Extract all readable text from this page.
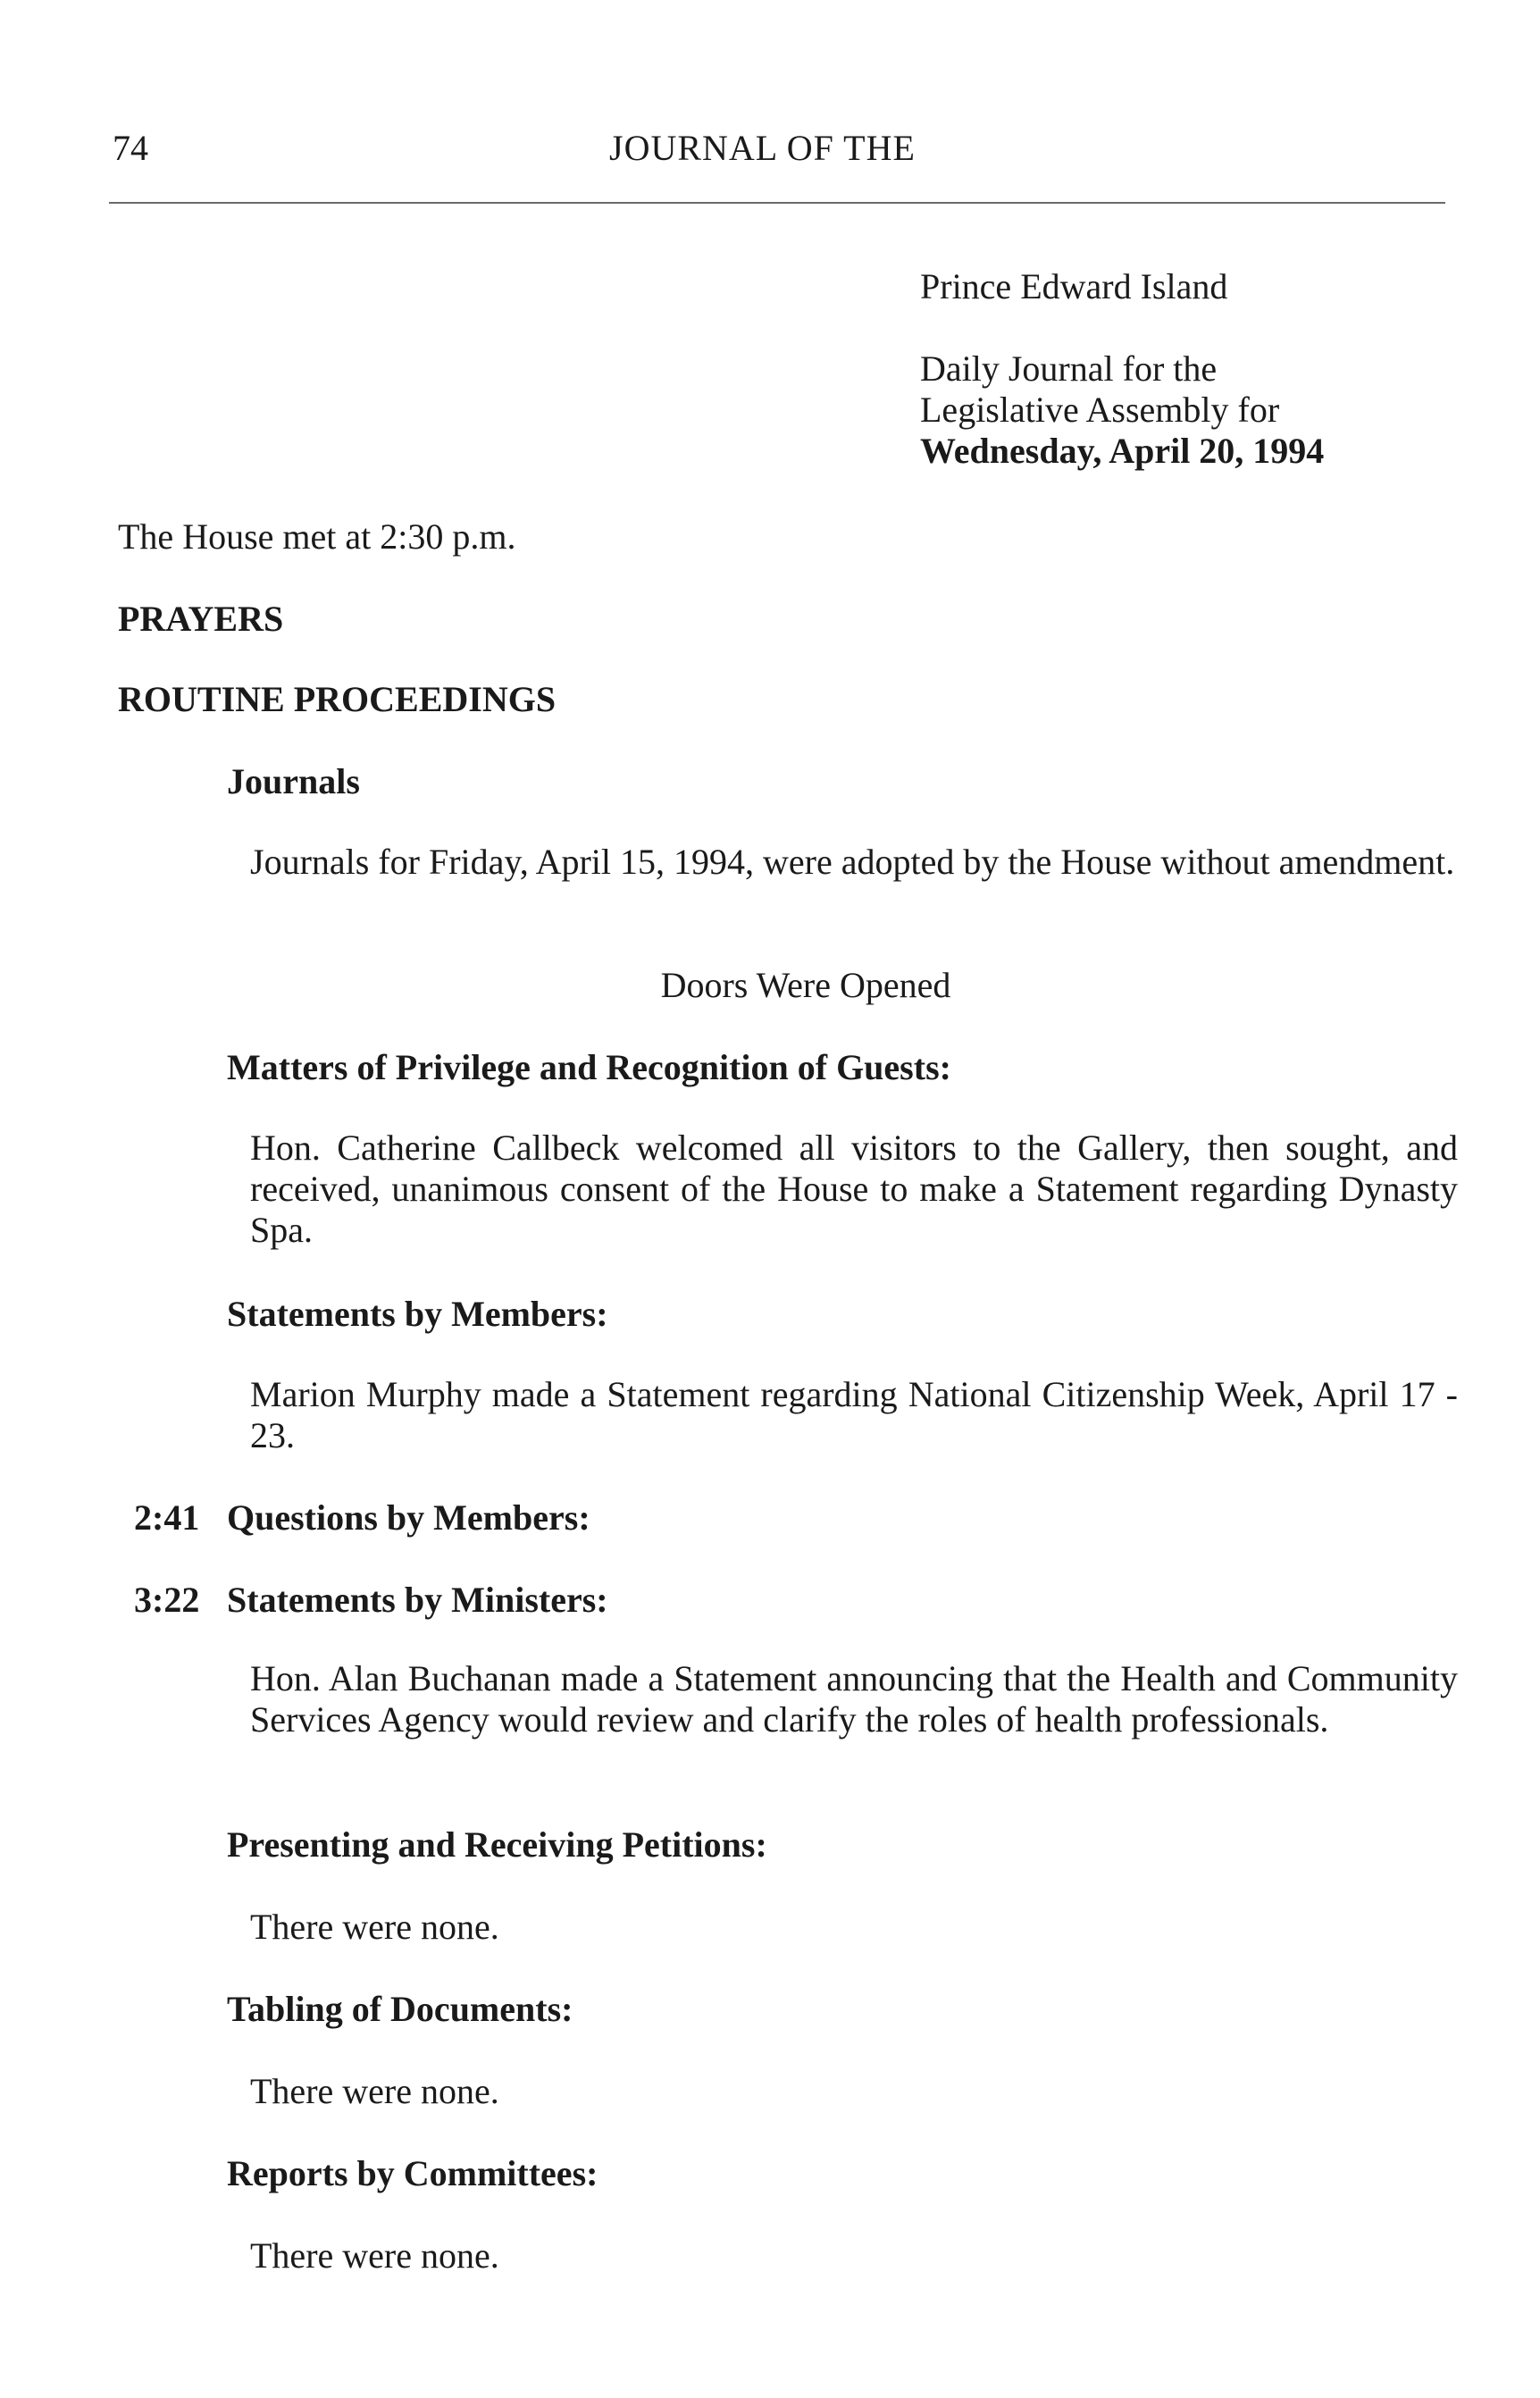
74	JOURNAL OF THE
Prince Edward Island
Daily Journal for the
Legislative Assembly for
Wednesday, April 20, 1994
The House met at 2:30 p.m.
PRAYERS
ROUTINE PROCEEDINGS
Journals
Journals for Friday, April 15, 1994, were adopted by the House without amendment.
Doors Were Opened
Matters of Privilege and Recognition of Guests:
Hon. Catherine Callbeck welcomed all visitors to the Gallery, then sought, and received, unanimous consent of the House to make a Statement regarding Dynasty Spa.
Statements by Members:
Marion Murphy made a Statement regarding National Citizenship Week, April 17 - 23.
2:41 Questions by Members:
3:22 Statements by Ministers:
Hon. Alan Buchanan made a Statement announcing that the Health and Community Services Agency would review and clarify the roles of health professionals.
Presenting and Receiving Petitions:
There were none.
Tabling of Documents:
There were none.
Reports by Committees:
There were none.
